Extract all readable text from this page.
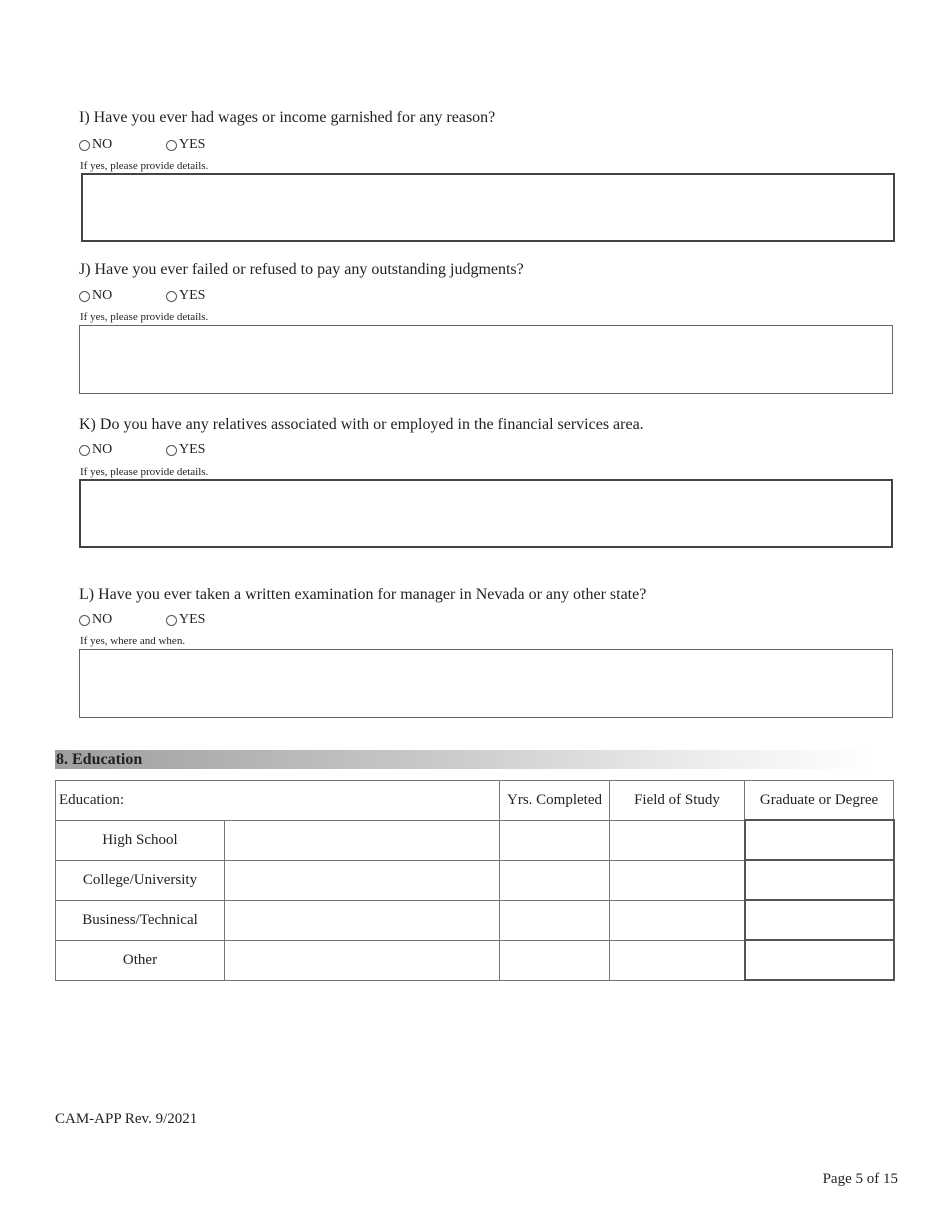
I) Have you ever had wages or income garnished for any reason?
NO	YES
If yes, please provide details.
J) Have you ever failed or refused to pay any outstanding judgments?
NO	YES
If yes, please provide details.
K) Do you have any relatives associated with or employed in the financial services area.
NO	YES
If yes, please provide details.
L) Have you ever taken a written examination for manager in Nevada or any other state?
NO	YES
If yes, where and when.
8. Education
Education:		Yrs. Completed	Field of Study	Graduate or Degree
High School				
College/University				
Business/Technical				
Other				
CAM-APP Rev. 9/2021
Page 5 of 15
